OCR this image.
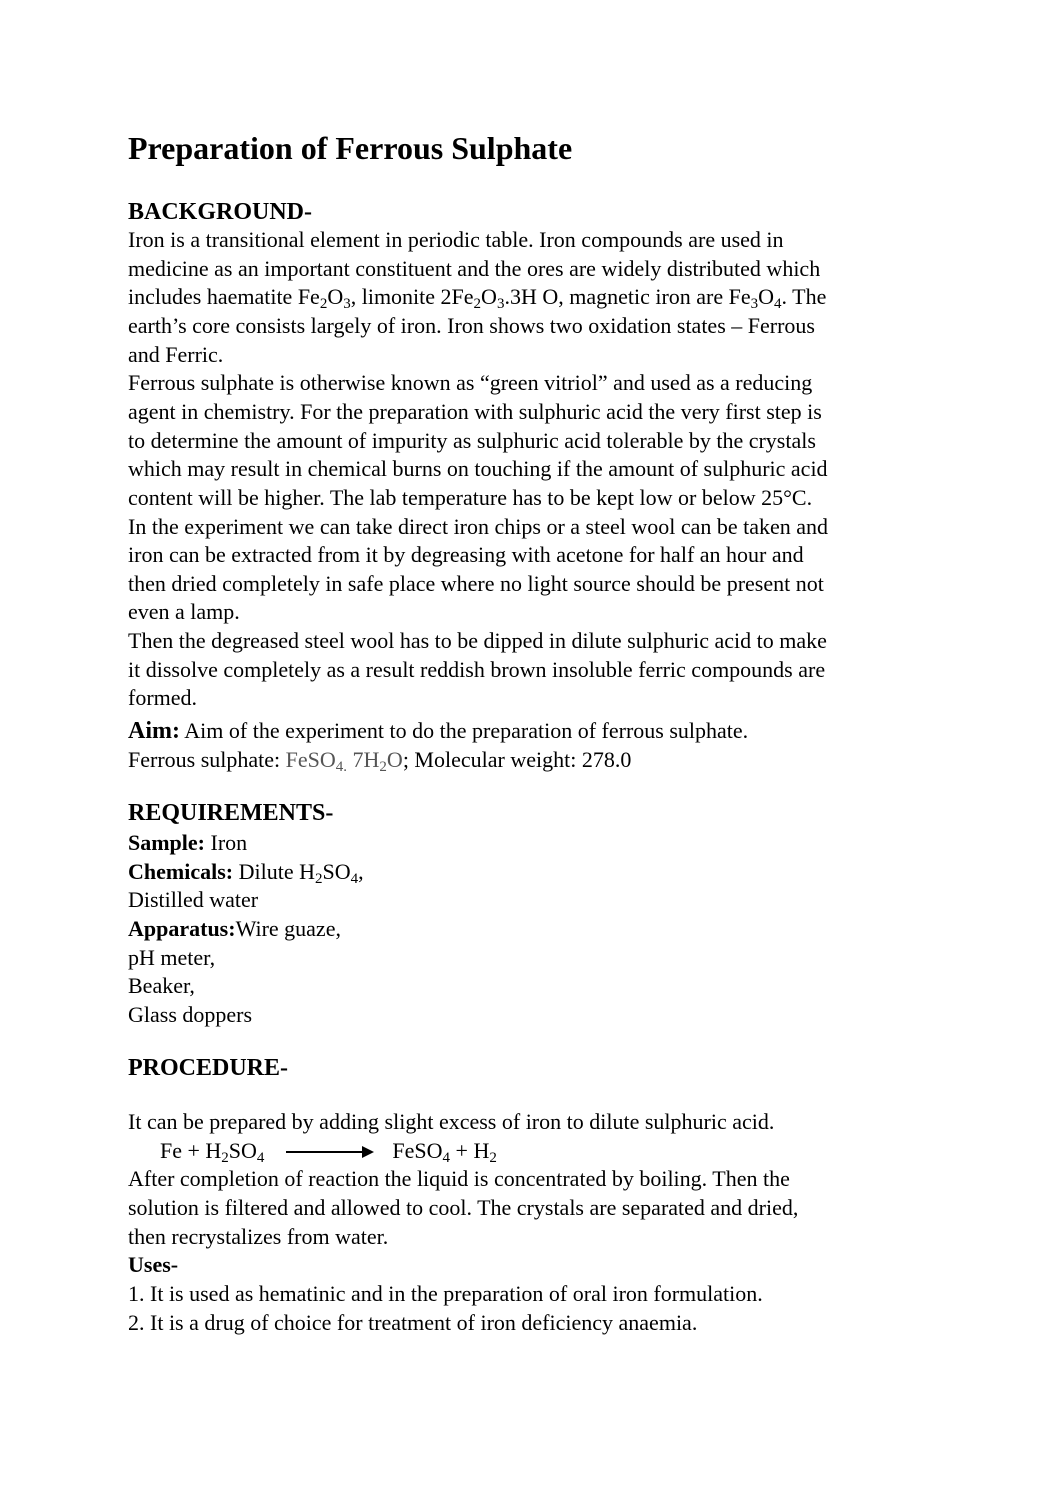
Preparation of Ferrous Sulphate
BACKGROUND-
Iron is a transitional element in periodic table. Iron compounds are used in
medicine as an important constituent and the ores are widely distributed which
includes haematite $Fe_2O_3$, limonite $2Fe_2O_3.3H$ O, magnetic iron are $Fe_3O_4$. The
earth’s core consists largely of iron. Iron shows two oxidation states – Ferrous
and Ferric.
Ferrous sulphate is otherwise known as “green vitriol” and used as a reducing
agent in chemistry. For the preparation with sulphuric acid the very first step is
to determine the amount of impurity as sulphuric acid tolerable by the crystals
which may result in chemical burns on touching if the amount of sulphuric acid
content will be higher. The lab temperature has to be kept low or below 25°C.
In the experiment we can take direct iron chips or a steel wool can be taken and
iron can be extracted from it by degreasing with acetone for half an hour and
then dried completely in safe place where no light source should be present not
even a lamp.
Then the degreased steel wool has to be dipped in dilute sulphuric acid to make
it dissolve completely as a result reddish brown insoluble ferric compounds are
formed.
Aim: Aim of the experiment to do the preparation of ferrous sulphate.
Ferrous sulphate: FeSO$_{4.}$ $7H_2O$; Molecular weight: 278.0
REQUIREMENTS-
Sample: Iron
Chemicals: Dilute $H_2SO_4$,
Distilled water
Apparatus:Wire guaze,
pH meter,
Beaker,
Glass doppers
PROCEDURE-
It can be prepared by adding slight excess of iron to dilute sulphuric acid.
$Fe + H_2SO_4$ → FeSO$_4$ + $H_2$
After completion of reaction the liquid is concentrated by boiling. Then the
solution is filtered and allowed to cool. The crystals are separated and dried,
then recrystalizes from water.
Uses-
1. It is used as hematinic and in the preparation of oral iron formulation.
2. It is a drug of choice for treatment of iron deficiency anaemia.
